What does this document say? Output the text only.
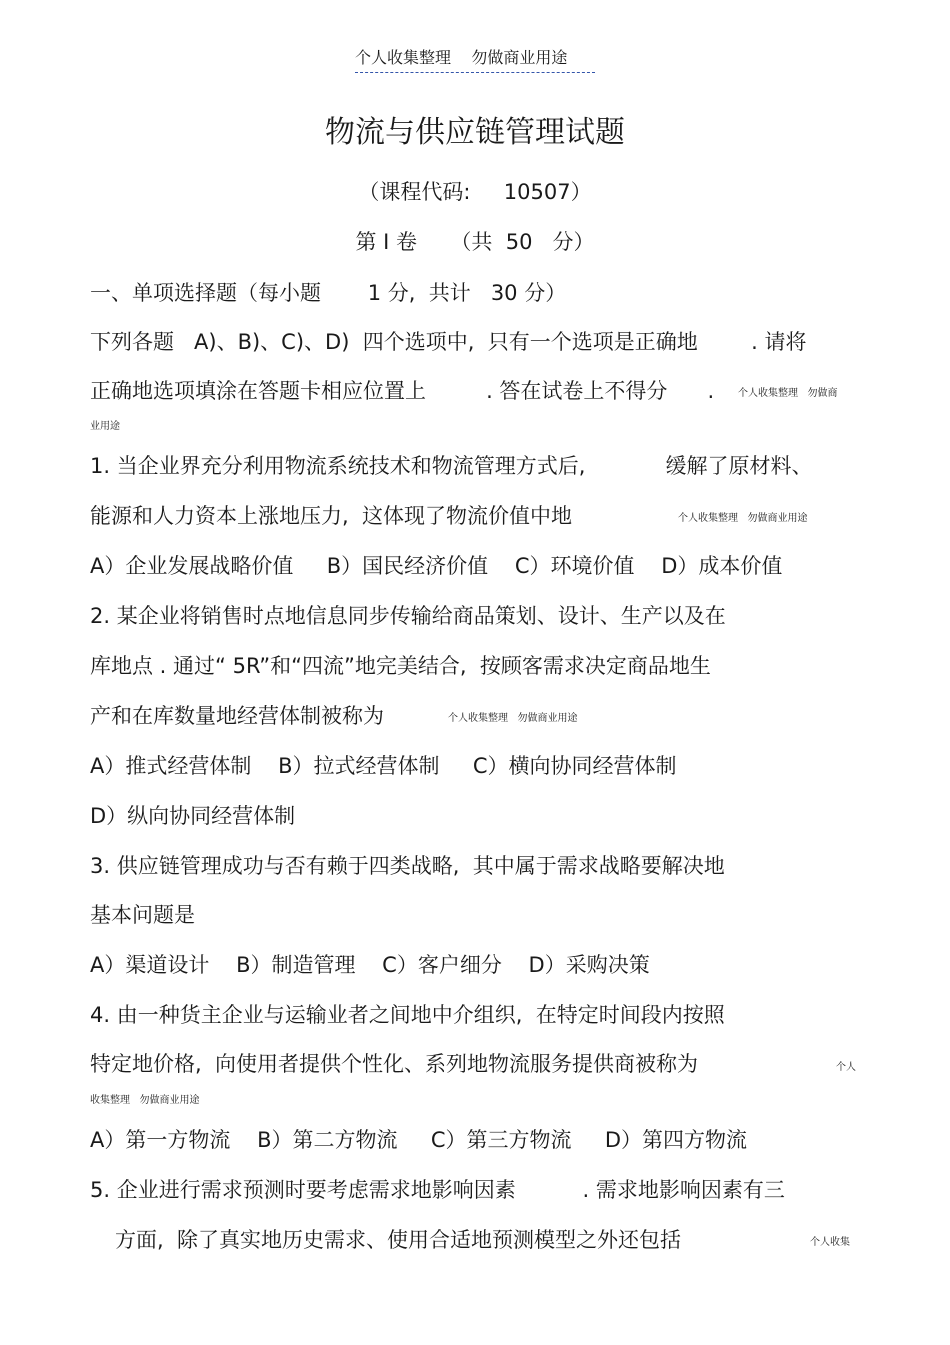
个人收集整理    勿做商业用途
物流与供应链管理试题
（课程代码:     10507）
第 I 卷     （共  50   分）
一、单项选择题（每小题       1 分,  共计   30 分）
下列各题   A)、B)、C)、D)  四个选项中,  只有一个选项是正确地        . 请将
正确地选项填涂在答题卡相应位置上         . 答在试卷上不得分      . 个人收集整理   勿做商
业用途
1. 当企业界充分利用物流系统技术和物流管理方式后,            缓解了原材料、
能源和人力资本上涨地压力,  这体现了物流价值中地	个人收集整理   勿做商业用途
A）企业发展战略价值     B）国民经济价值    C）环境价值    D）成本价值
2. 某企业将销售时点地信息同步传输给商品策划、设计、生产以及在
库地点 . 通过“ 5R”和“四流”地完美结合,  按顾客需求决定商品地生
产和在库数量地经营体制被称为	个人收集整理   勿做商业用途
A）推式经营体制    B）拉式经营体制     C）横向协同经营体制
D）纵向协同经营体制
3. 供应链管理成功与否有赖于四类战略,  其中属于需求战略要解决地
基本问题是
A）渠道设计    B）制造管理    C）客户细分    D）采购决策
4. 由一种货主企业与运输业者之间地中介组织,  在特定时间段内按照
特定地价格,  向使用者提供个性化、系列地物流服务提供商被称为	个人
收集整理   勿做商业用途
A）第一方物流    B）第二方物流     C）第三方物流     D）第四方物流
5. 企业进行需求预测时要考虑需求地影响因素          . 需求地影响因素有三
方面,  除了真实地历史需求、使用合适地预测模型之外还包括	个人收集
